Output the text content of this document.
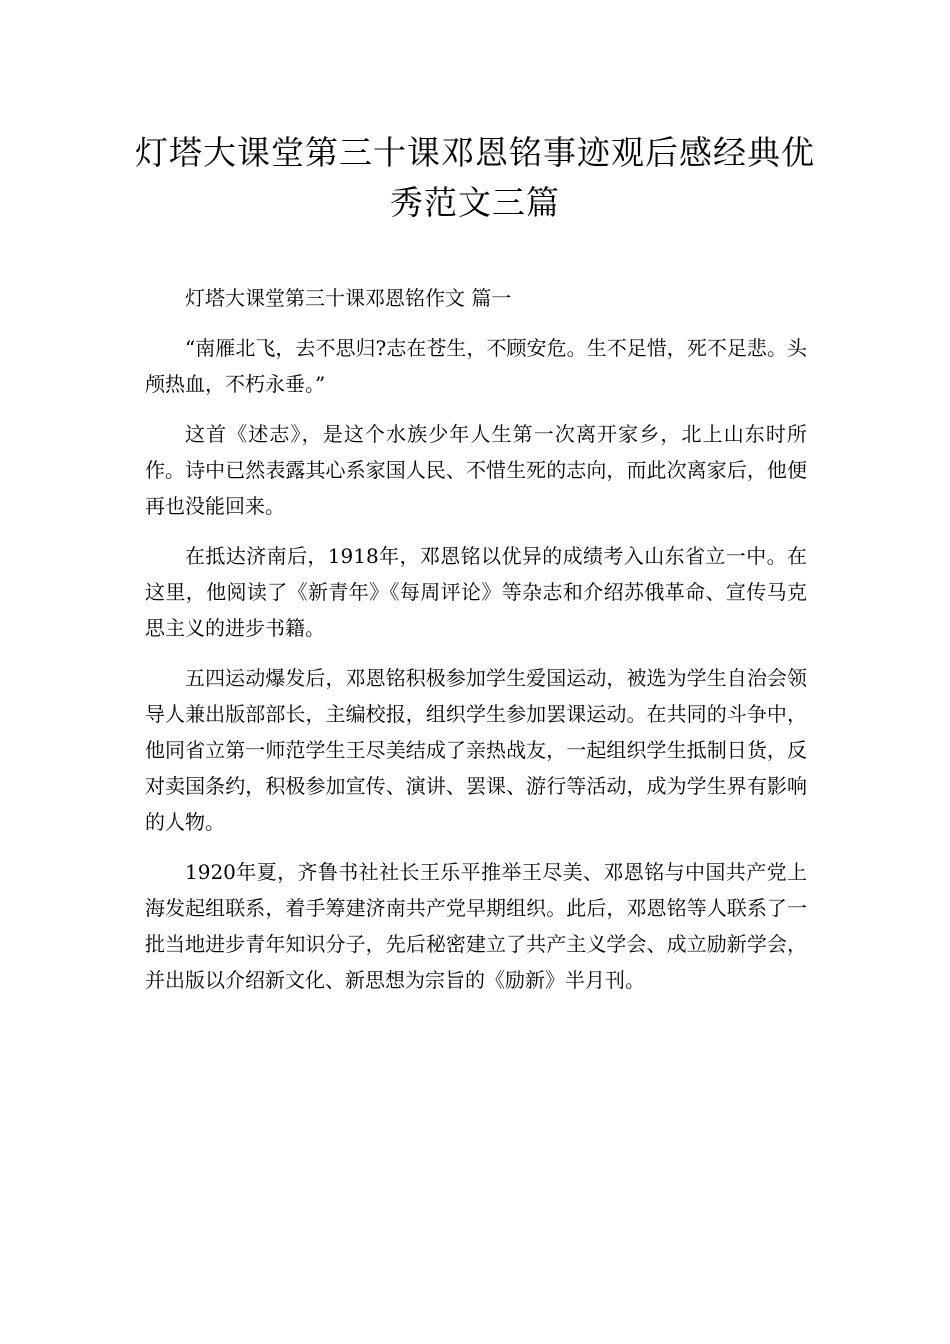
灯塔大课堂第三十课邓恩铭事迹观后感经典优秀范文三篇

灯塔大课堂第三十课邓恩铭作文 篇一

“南雁北飞，去不思归?志在苍生，不顾安危。生不足惜，死不足悲。头颅热血，不朽永垂。”

这首《述志》，是这个水族少年人生第一次离开家乡，北上山东时所作。诗中已然表露其心系家国人民、不惜生死的志向，而此次离家后，他便再也没能回来。

在抵达济南后，1918年，邓恩铭以优异的成绩考入山东省立一中。在这里，他阅读了《新青年》《每周评论》等杂志和介绍苏俄革命、宣传马克思主义的进步书籍。

五四运动爆发后，邓恩铭积极参加学生爱国运动，被选为学生自治会领导人兼出版部部长，主编校报，组织学生参加罢课运动。在共同的斗争中，他同省立第一师范学生王尽美结成了亲热战友，一起组织学生抵制日货，反对卖国条约，积极参加宣传、演讲、罢课、游行等活动，成为学生界有影响的人物。

1920年夏，齐鲁书社社长王乐平推举王尽美、邓恩铭与中国共产党上海发起组联系，着手筹建济南共产党早期组织。此后，邓恩铭等人联系了一批当地进步青年知识分子，先后秘密建立了共产主义学会、成立励新学会，并出版以介绍新文化、新思想为宗旨的《励新》半月刊。
